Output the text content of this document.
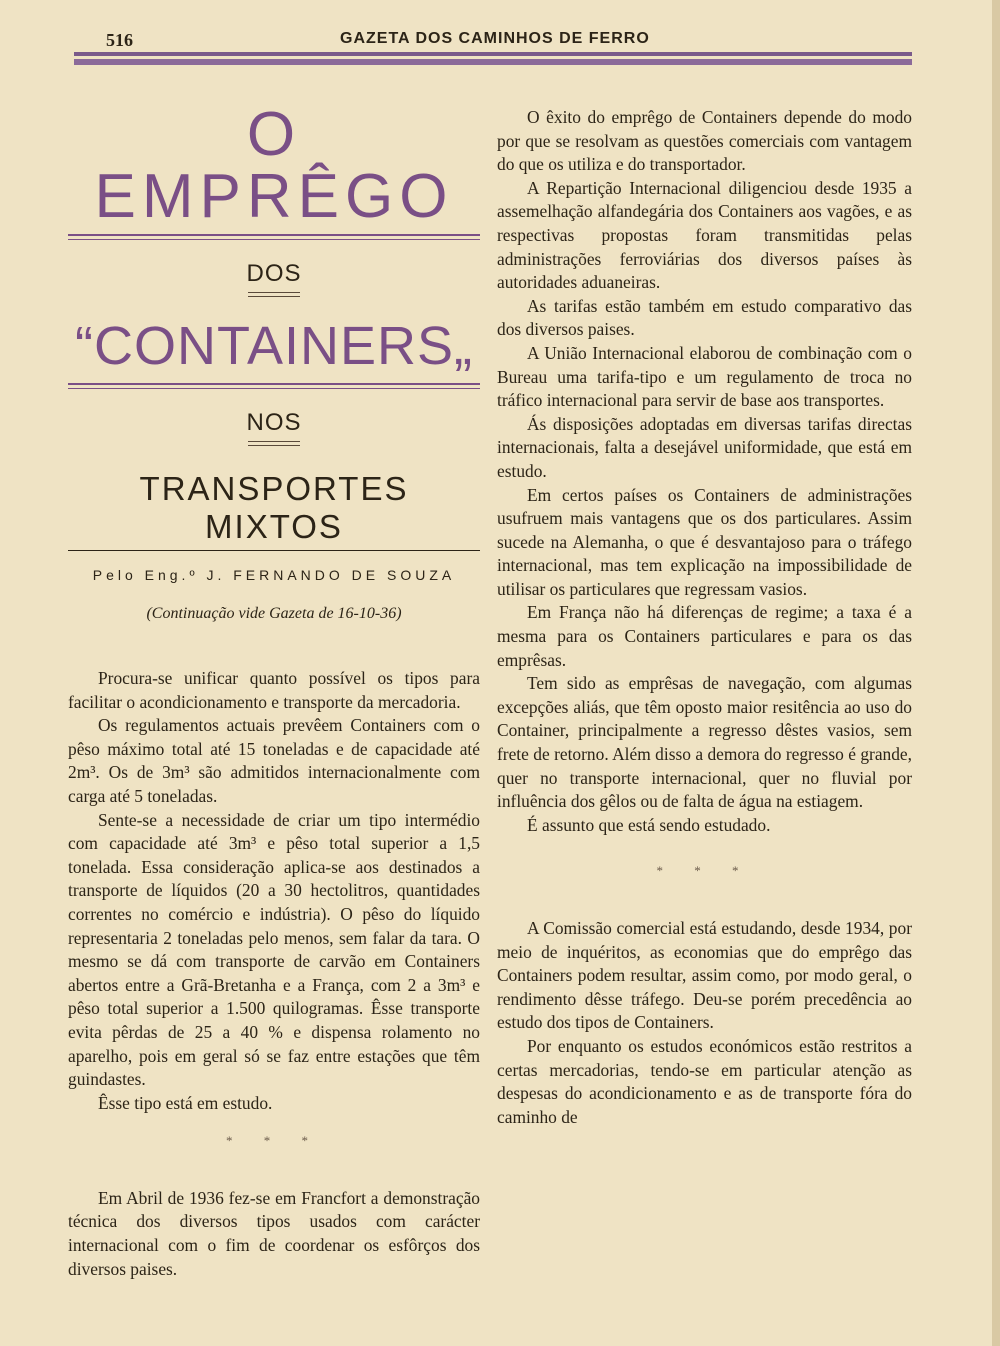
516	GAZETA DOS CAMINHOS DE FERRO
O EMPRÊGO
DOS
“CONTAINERS„
NOS
TRANSPORTES MIXTOS
Pelo Eng.º J. FERNANDO DE SOUZA
(Continuação vide Gazeta de 16-10-36)

Procura-se unificar quanto possível os tipos para facilitar o acondicionamento e transporte da mercadoria.

Os regulamentos actuais prevêem Containers com o pêso máximo total até 15 toneladas e de capacidade até 2m³. Os de 3m³ são admitidos internacionalmente com carga até 5 toneladas.

Sente-se a necessidade de criar um tipo intermédio com capacidade até 3m³ e pêso total superior a 1,5 tonelada. Essa consideração aplica-se aos destinados a transporte de líquidos (20 a 30 hectolitros, quantidades correntes no comércio e indústria). O pêso do líquido representaria 2 toneladas pelo menos, sem falar da tara. O mesmo se dá com transporte de carvão em Containers abertos entre a Grã-Bretanha e a França, com 2 a 3m³ e pêso total superior a 1.500 quilogramas. Êsse transporte evita pêrdas de 25 a 40 % e dispensa rolamento no aparelho, pois em geral só se faz entre estações que têm guindastes.

Êsse tipo está em estudo.

* * *

Em Abril de 1936 fez-se em Francfort a demonstração técnica dos diversos tipos usados com carácter internacional com o fim de coordenar os esfôrços dos diversos paises.

O êxito do emprêgo de Containers depende do modo por que se resolvam as questões comerciais com vantagem do que os utiliza e do transportador.

A Repartição Internacional diligenciou desde 1935 a assemelhação alfandegária dos Containers aos vagões, e as respectivas propostas foram transmitidas pelas administrações ferroviárias dos diversos países às autoridades aduaneiras.

As tarifas estão também em estudo comparativo das dos diversos paises.

A União Internacional elaborou de combinação com o Bureau uma tarifa-tipo e um regulamento de troca no tráfico internacional para servir de base aos transportes.

Ás disposições adoptadas em diversas tarifas directas internacionais, falta a desejável uniformidade, que está em estudo.

Em certos países os Containers de administrações usufruem mais vantagens que os dos particulares. Assim sucede na Alemanha, o que é desvantajoso para o tráfego internacional, mas tem explicação na impossibilidade de utilisar os particulares que regressam vasios.

Em França não há diferenças de regime; a taxa é a mesma para os Containers particulares e para os das emprêsas.

Tem sido as emprêsas de navegação, com algumas excepções aliás, que têm oposto maior resitência ao uso do Container, principalmente a regresso dêstes vasios, sem frete de retorno. Além disso a demora do regresso é grande, quer no transporte internacional, quer no fluvial por influência dos gêlos ou de falta de água na estiagem.

É assunto que está sendo estudado.

* * *

A Comissão comercial está estudando, desde 1934, por meio de inquéritos, as economias que do emprêgo das Containers podem resultar, assim como, por modo geral, o rendimento dêsse tráfego. Deu-se porém precedência ao estudo dos tipos de Containers.

Por enquanto os estudos económicos estão restritos a certas mercadorias, tendo-se em particular atenção as despesas do acondicionamento e as de transporte fóra do caminho de
